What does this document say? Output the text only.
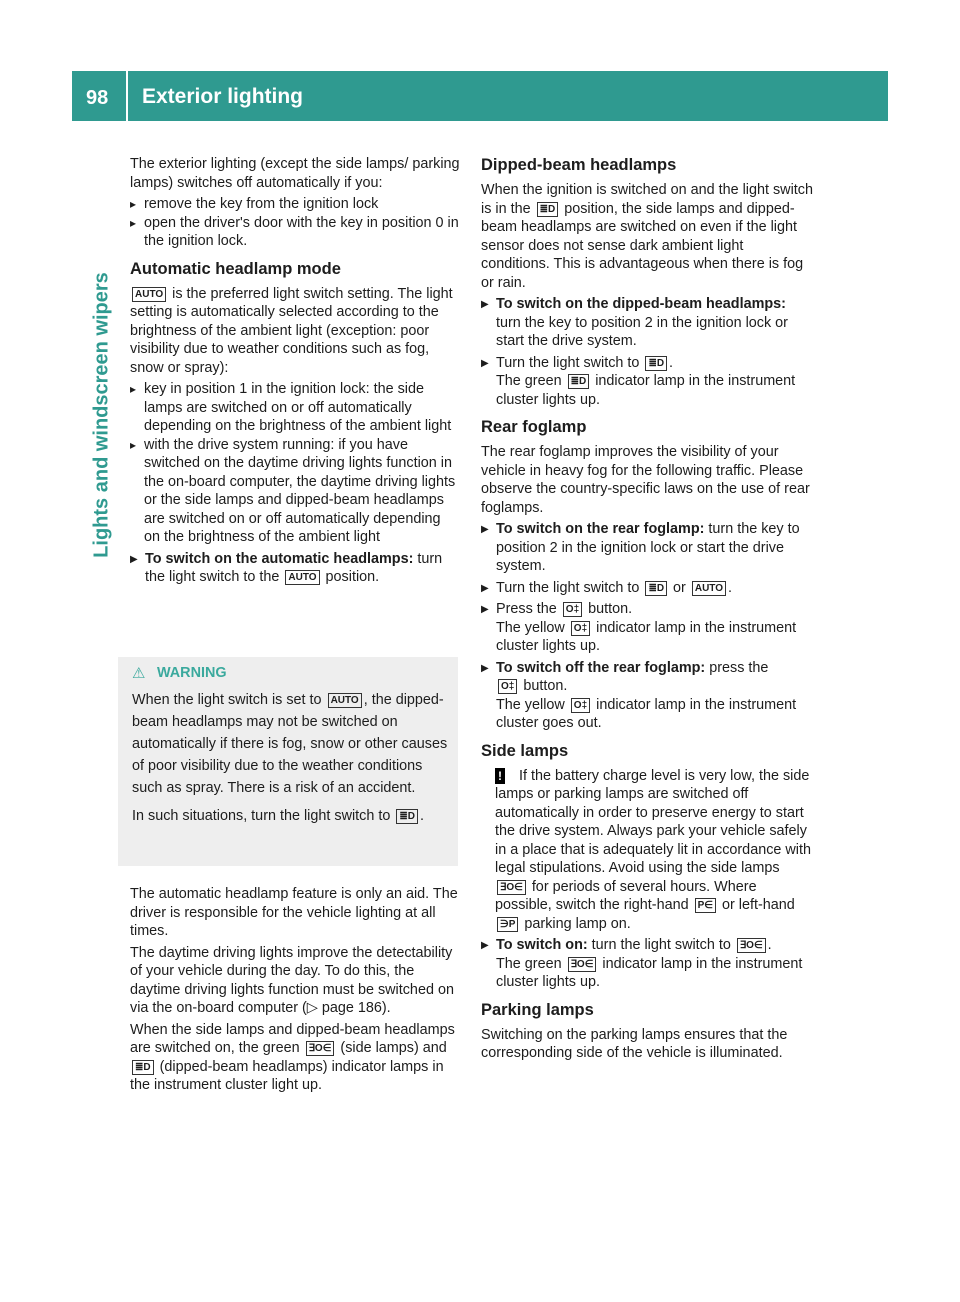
98 Exterior lighting
Lights and windscreen wipers

The exterior lighting (except the side lamps/ parking lamps) switches off automatically if you:

▸ remove the key from the ignition lock
▸ open the driver's door with the key in position 0 in the ignition lock.
Automatic headlamp mode

AUTO is the preferred light switch setting. The light setting is automatically selected according to the brightness of the ambient light (exception: poor visibility due to weather conditions such as fog, snow or spray):

▸ key in position 1 in the ignition lock: the side lamps are switched on or off automatically depending on the brightness of the ambient light
▸ with the drive system running: if you have switched on the daytime driving lights function in the on-board computer, the daytime driving lights or the side lamps and dipped-beam headlamps are switched on or off automatically depending on the brightness of the ambient light
▶ To switch on the automatic headlamps: turn the light switch to the AUTO position.
⚠ WARNING

When the light switch is set to AUTO , the dipped-beam headlamps may not be switched on automatically if there is fog, snow or other causes of poor visibility due to the weather conditions such as spray. There is a risk of an accident.

In such situations, turn the light switch to ≣D .

The automatic headlamp feature is only an aid. The driver is responsible for the vehicle lighting at all times.

The daytime driving lights improve the detectability of your vehicle during the day. To do this, the daytime driving lights function must be switched on via the on-board computer (▷ page 186).

When the side lamps and dipped-beam headlamps are switched on, the green ∃O∈ (side lamps) and ≣D (dipped-beam headlamps) indicator lamps in the instrument cluster light up.

Dipped-beam headlamps

When the ignition is switched on and the light switch is in the ≣D position, the side lamps and dipped-beam headlamps are switched on even if the light sensor does not sense dark ambient light conditions. This is advantageous when there is fog or rain.

▶ To switch on the dipped-beam headlamps: turn the key to position 2 in the ignition lock or start the drive system.
▶ Turn the light switch to ≣D .
The green ≣D indicator lamp in the instrument cluster lights up.
Rear foglamp

The rear foglamp improves the visibility of your vehicle in heavy fog for the following traffic. Please observe the country-specific laws on the use of rear foglamps.

▶ To switch on the rear foglamp: turn the key to position 2 in the ignition lock or start the drive system.
▶ Turn the light switch to ≣D or AUTO .
▶ Press the O‡ button.
The yellow O‡ indicator lamp in the instrument cluster lights up.
▶ To switch off the rear foglamp: press the
O‡ button.
The yellow O‡ indicator lamp in the instrument cluster goes out.
Side lamps

! If the battery charge level is very low, the side lamps or parking lamps are switched off automatically in order to preserve energy to start the drive system. Always park your vehicle safely in a place that is adequately lit in accordance with legal stipulations. Avoid using the side lamps ∃O∈ for periods of several hours. Where possible, switch the right-hand P∈ or left-hand ∋P parking lamp on.

▶ To switch on: turn the light switch to ∃O∈ .
The green ∃O∈ indicator lamp in the instrument cluster lights up.
Parking lamps

Switching on the parking lamps ensures that the corresponding side of the vehicle is illuminated.
